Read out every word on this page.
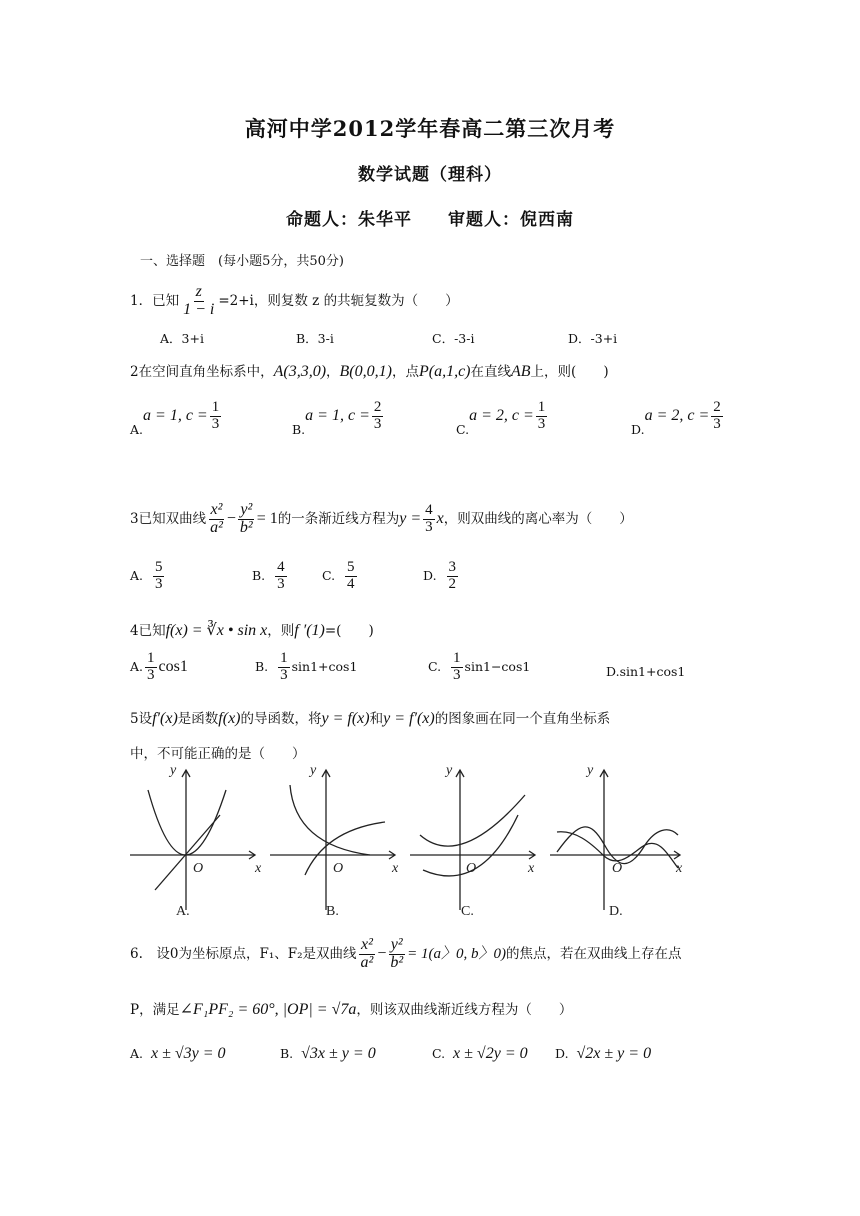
高河中学2012学年春高二第三次月考
数学试题（理科）
命题人：朱华平　　审题人：倪西南
一、选择题　(每小题5分，共50分)
1．已知 $\frac{z}{1 - i} =2+i$，则复数 z 的共轭复数为（　　）
A．3+i	B．3-i	C．-3-i	D．-3+i
2在空间直角坐标系中，A(3,3,0)，B(0,0,1)，点P(a,1,c)在直线AB上，则(　　)
A.a = 1, $c = \frac{1}{3}$	B.a = 1, $c = \frac{2}{3}$	C.a = 2, $c = \frac{1}{3}$	D.a = 2, $c = \frac{2}{3}$
3已知双曲线 $\frac{\text{x²}}{\text{a²}} - \frac{\text{y²}}{\text{b²}} = 1$的一条渐近线方程为$y = \frac{4}{3}$ x，则双曲线的离心率为（　　）
A. $\frac{5}{3}$	B. $\frac{4}{3}$	C. $\frac{5}{4}$	D. $\frac{3}{2}$
4已知f(x) = ∛x • sin x，则f ′(1)=(　　)
A. $\frac{1}{3} \cos 1$	B. $\frac{1}{3} \sin 1+\cos 1$	C. $\frac{1}{3} \sin 1-\cos 1$	D.sin1+cos1
5设f′(x)是函数f(x)的导函数，将y = f(x)和y = f′(x)的图象画在同一个直角坐标系
中，不可能正确的是（　　）
y
x
O
y
x
O
y
x
O
y
x
O
A.	B.	C.	D.
6.　设0为坐标原点，F₁、F₂是双曲线 $\frac{\text{x²}}{\text{a²}} - \frac{\text{y²}}{\text{b²}} = 1(a$〉0, b〉0)的焦点，若在双曲线上存在点
P，满足∠F₁PF₂ = 60°, |OP| = √7a，则该双曲线渐近线方程为（　　）
A. x ± √3y = 0	B. √3x ± y = 0	C. x ± √2y = 0 D. √2x ± y = 0
